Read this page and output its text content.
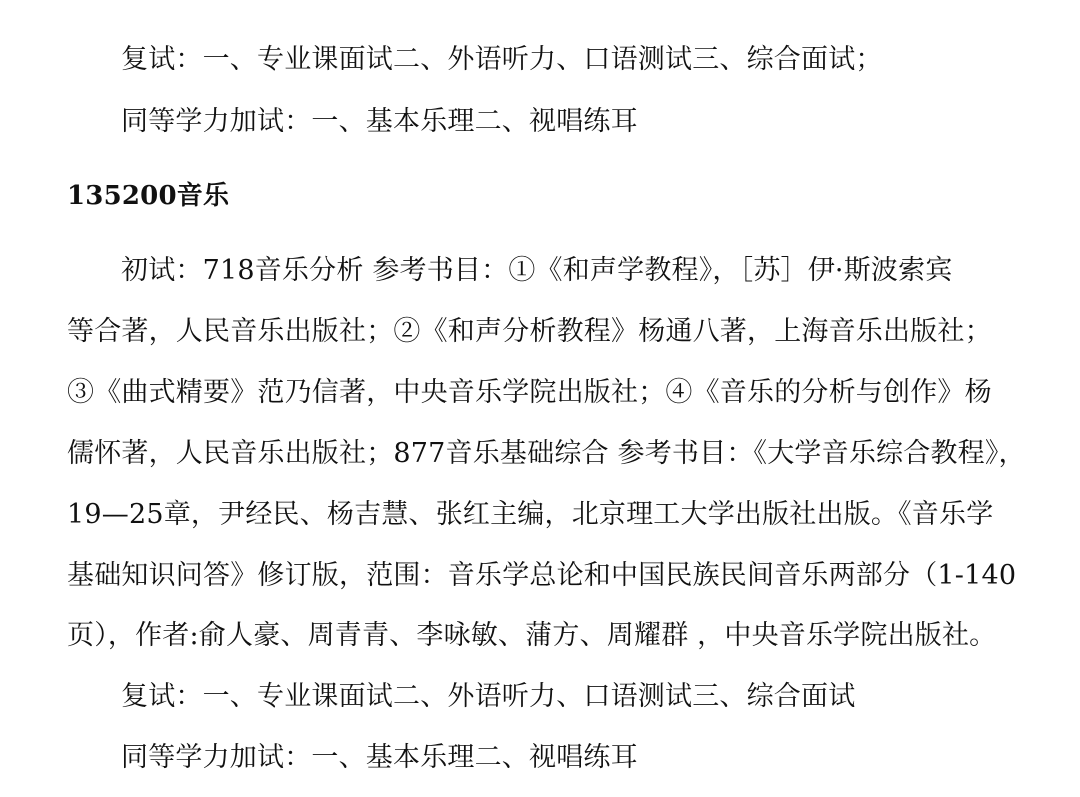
复试：一、专业课面试二、外语听力、口语测试三、综合面试；
同等学力加试：一、基本乐理二、视唱练耳
135200音乐
初试：718音乐分析 参考书目：①《和声学教程》，［苏］伊·斯波索宾
等合著，人民音乐出版社；②《和声分析教程》杨通八著，上海音乐出版社；
③《曲式精要》范乃信著，中央音乐学院出版社；④《音乐的分析与创作》杨
儒怀著，人民音乐出版社；877音乐基础综合 参考书目：《大学音乐综合教程》，
19—25章，尹经民、杨吉慧、张红主编，北京理工大学出版社出版。《音乐学
基础知识问答》修订版，范围：音乐学总论和中国民族民间音乐两部分（1-140
页），作者:俞人豪、周青青、李咏敏、蒲方、周耀群 ，中央音乐学院出版社。
复试：一、专业课面试二、外语听力、口语测试三、综合面试
同等学力加试：一、基本乐理二、视唱练耳
